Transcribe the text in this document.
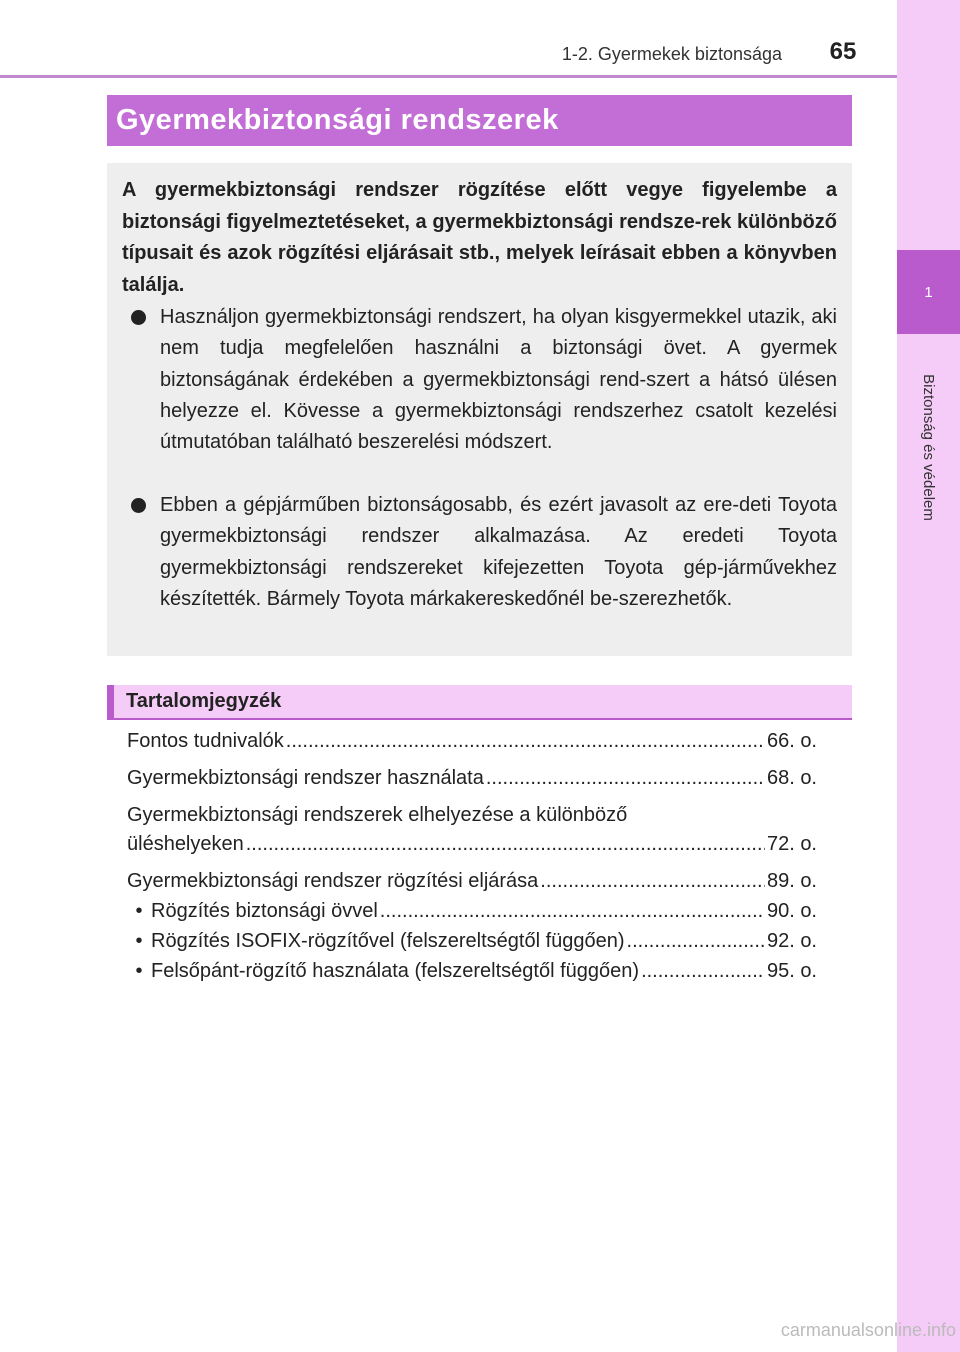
1
Biztonság és védelem
1-2. Gyermekek biztonsága	65
Gyermekbiztonsági rendszerek
A gyermekbiztonsági rendszer rögzítése előtt vegye figyelembe a biztonsági figyelmeztetéseket, a gyermekbiztonsági rendsze-rek különböző típusait és azok rögzítési eljárásait stb., melyek leírásait ebben a könyvben találja.
Használjon gyermekbiztonsági rendszert, ha olyan kisgyermekkel utazik, aki nem tudja megfelelően használni a biztonsági övet. A gyermek biztonságának érdekében a gyermekbiztonsági rend-szert a hátsó ülésen helyezze el. Kövesse a gyermekbiztonsági rendszerhez csatolt kezelési útmutatóban található beszerelési módszert.
Ebben a gépjárműben biztonságosabb, és ezért javasolt az ere-deti Toyota gyermekbiztonsági rendszer alkalmazása. Az eredeti Toyota gyermekbiztonsági rendszereket kifejezetten Toyota gép-járművekhez készítették. Bármely Toyota márkakereskedőnél be-szerezhetők.
Tartalomjegyzék
Fontos tudnivalók .....	66. o.
Gyermekbiztonsági rendszer használata .....	68. o.
Gyermekbiztonsági rendszerek elhelyezése a különböző
üléshelyeken .....	72. o.
Gyermekbiztonsági rendszer rögzítési eljárása .....	89. o.
• Rögzítés biztonsági övvel .....	90. o.
• Rögzítés ISOFIX-rögzítővel (felszereltségtől függően) .....	92. o.
• Felsőpánt-rögzítő használata (felszereltségtől függően) .....	95. o.
carmanualsonline.info
